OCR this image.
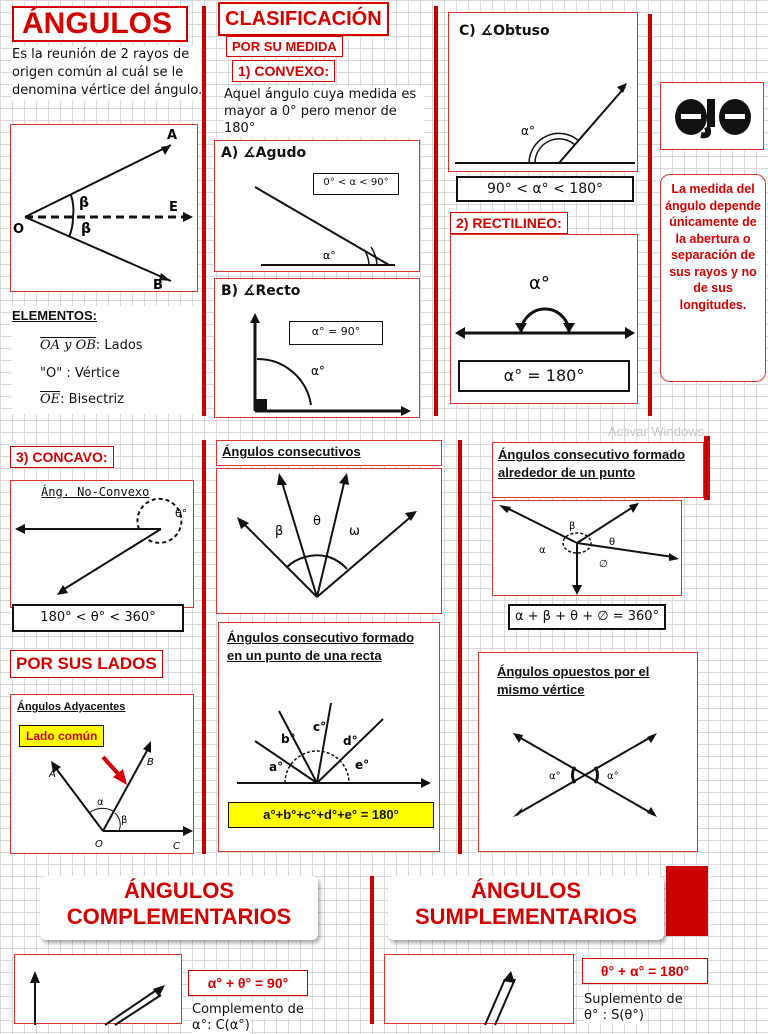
ÁNGULOS
Es la reunión de 2 rayos de origen común al cuál se le denomina vértice del ángulo.
A
B
E
O
β
β
ELEMENTOS:
OA y OB: Lados
"O" : Vértice
$\overline{OE}$: Bisectriz
CLASIFICACIÓN
POR SU MEDIDA
1) CONVEXO:
Aquel ángulo cuya medida es mayor a 0° pero menor de 180°
A) ∡Agudo
0° < α < 90°
α°
B) ∡Recto
α° = 90°
α°
C) ∡Obtuso
α°
90° < α° < 180°
2) RECTILINEO:
α°
α° = 180°
La medida del ángulo depende únicamente de la abertura o separación de sus rayos y no de sus longitudes.
Activar Windows
3) CONCAVO:
Áng. No-Convexo
θ°
180° < θ° < 360°
POR SUS LADOS
Ángulos Adyacentes
Lado común
A
B
C
O
α
β
Ángulos consecutivos
β
θ
ω
Ángulos consecutivo formado alrededor de un punto
α
β
θ
∅
α + β + θ + ∅ = 360°
Ángulos consecutivo formado en un punto de una recta
a°
b°
c°
d°
e°
a°+b°+c°+d°+e° = 180°
Ángulos opuestos por el mismo vértice
α°	α°
ÁNGULOS
COMPLEMENTARIOS
α° + θ° = 90°
Complemento de
α°: C(α°)
ÁNGULOS
SUMPLEMENTARIOS
θ° + α° = 180°
Suplemento de
θ° : S(θ°)
